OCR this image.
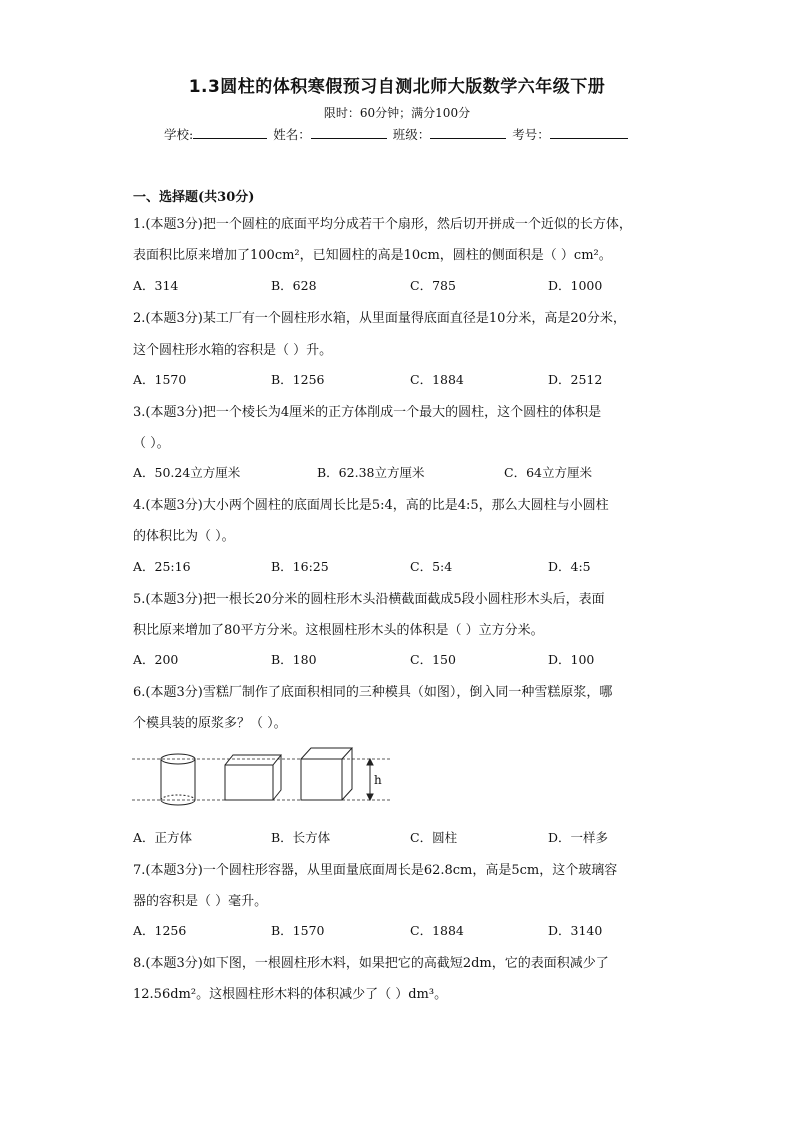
1.3圆柱的体积寒假预习自测北师大版数学六年级下册
限时：60分钟；满分100分
学校:	姓名：	班级：	考号：
一、选择题(共30分)
1.(本题3分)把一个圆柱的底面平均分成若干个扇形，然后切开拼成一个近似的长方体，
表面积比原来增加了100cm²，已知圆柱的高是10cm，圆柱的侧面积是（ ）cm²。
A．314	B．628	C．785	D．1000
2.(本题3分)某工厂有一个圆柱形水箱，从里面量得底面直径是10分米，高是20分米，
这个圆柱形水箱的容积是（ ）升。
A．1570	B．1256	C．1884	D．2512
3.(本题3分)把一个棱长为4厘米的正方体削成一个最大的圆柱，这个圆柱的体积是
（ ）。
A．50.24立方厘米	B．62.38立方厘米	C．64立方厘米
4.(本题3分)大小两个圆柱的底面周长比是5:4，高的比是4:5，那么大圆柱与小圆柱
的体积比为（ ）。
A．25:16	B．16:25	C．5:4	D．4:5
5.(本题3分)把一根长20分米的圆柱形木头沿横截面截成5段小圆柱形木头后，表面
积比原来增加了80平方分米。这根圆柱形木头的体积是（ ）立方分米。
A．200	B．180	C．150	D．100
6.(本题3分)雪糕厂制作了底面积相同的三种模具（如图），倒入同一种雪糕原浆，哪
个模具装的原浆多？（ ）。
h
A．正方体	B．长方体	C．圆柱	D．一样多
7.(本题3分)一个圆柱形容器，从里面量底面周长是62.8cm，高是5cm，这个玻璃容
器的容积是（ ）毫升。
A．1256	B．1570	C．1884	D．3140
8.(本题3分)如下图，一根圆柱形木料，如果把它的高截短2dm，它的表面积减少了
12.56dm²。这根圆柱形木料的体积减少了（ ）dm³。
